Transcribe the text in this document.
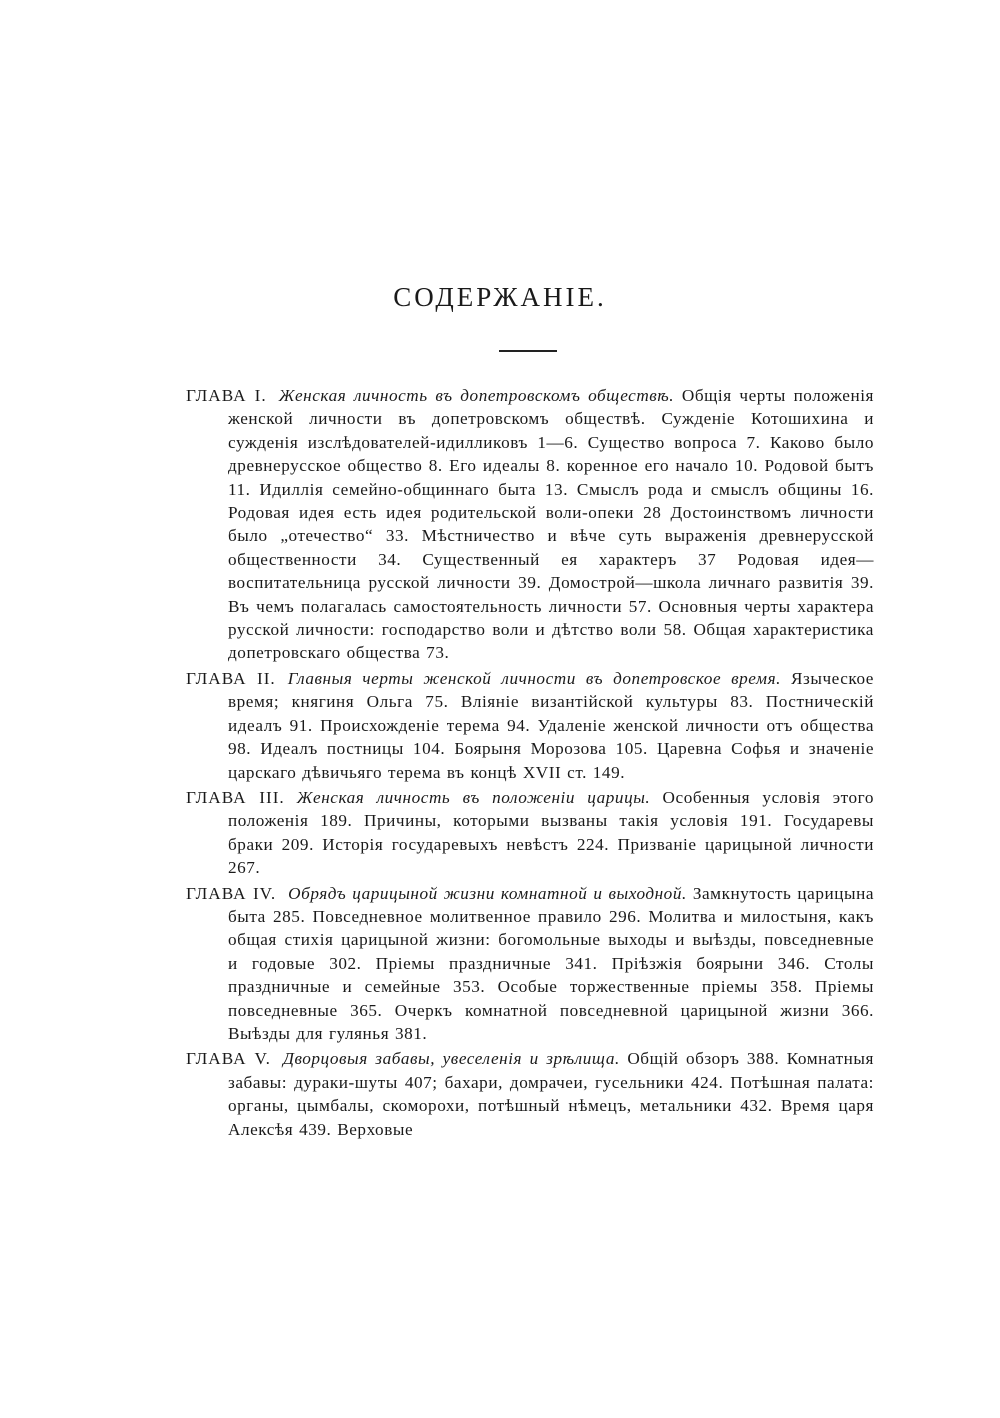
СОДЕРЖАНІЕ.

ГЛАВА I. Женская личность въ допетровскомъ обществѣ. Общія черты положенія женской личности въ допетровскомъ обществѣ. Сужденіе Котошихина и сужденія изслѣдователей-идилликовъ 1—6. Существо вопроса 7. Каково было древнерусское общество 8. Его идеалы 8. коренное его начало 10. Родовой бытъ 11. Идиллія семейно-общиннаго быта 13. Смыслъ рода и смыслъ общины 16. Родовая идея есть идея родительской воли-опеки 28 Достоинствомъ личности было „отечество“ 33. Мѣстничество и вѣче суть выраженія древнерусской общественности 34. Существенный ея характеръ 37 Родовая идея—воспитательница русской личности 39. Домострой—школа личнаго развитія 39. Въ чемъ полагалась самостоятельность личности 57. Основныя черты характера русской личности: господарство воли и дѣтство воли 58. Общая характеристика допетровскаго общества 73.

ГЛАВА II. Главныя черты женской личности въ допетровское время. Языческое время; княгиня Ольга 75. Вліяніе византійской культуры 83. Постническій идеалъ 91. Происхожденіе терема 94. Удаленіе женской личности отъ общества 98. Идеалъ постницы 104. Боярыня Морозова 105. Царевна Софья и значеніе царскаго дѣвичьяго терема въ концѣ XVII ст. 149.

ГЛАВА III. Женская личность въ положеніи царицы. Особенныя условія этого положенія 189. Причины, которыми вызваны такія условія 191. Государевы браки 209. Исторія государевыхъ невѣстъ 224. Призваніе царицыной личности 267.

ГЛАВА IV. Обрядъ царицыной жизни комнатной и выходной. Замкнутость царицына быта 285. Повседневное молитвенное правило 296. Молитва и милостыня, какъ общая стихія царицыной жизни: богомольные выходы и выѣзды, повседневные и годовые 302. Пріемы праздничные 341. Пріѣзжія боярыни 346. Столы праздничные и семейные 353. Особые торжественные пріемы 358. Пріемы повседневные 365. Очеркъ комнатной повседневной царицыной жизни 366. Выѣзды для гулянья 381.

ГЛАВА V. Дворцовыя забавы, увеселенія и зрѣлища. Общій обзоръ 388. Комнатныя забавы: дураки-шуты 407; бахари, домрачеи, гусельники 424. Потѣшная палата: органы, цымбалы, скоморохи, потѣшный нѣмецъ, метальники 432. Время царя Алексѣя 439. Верховые
